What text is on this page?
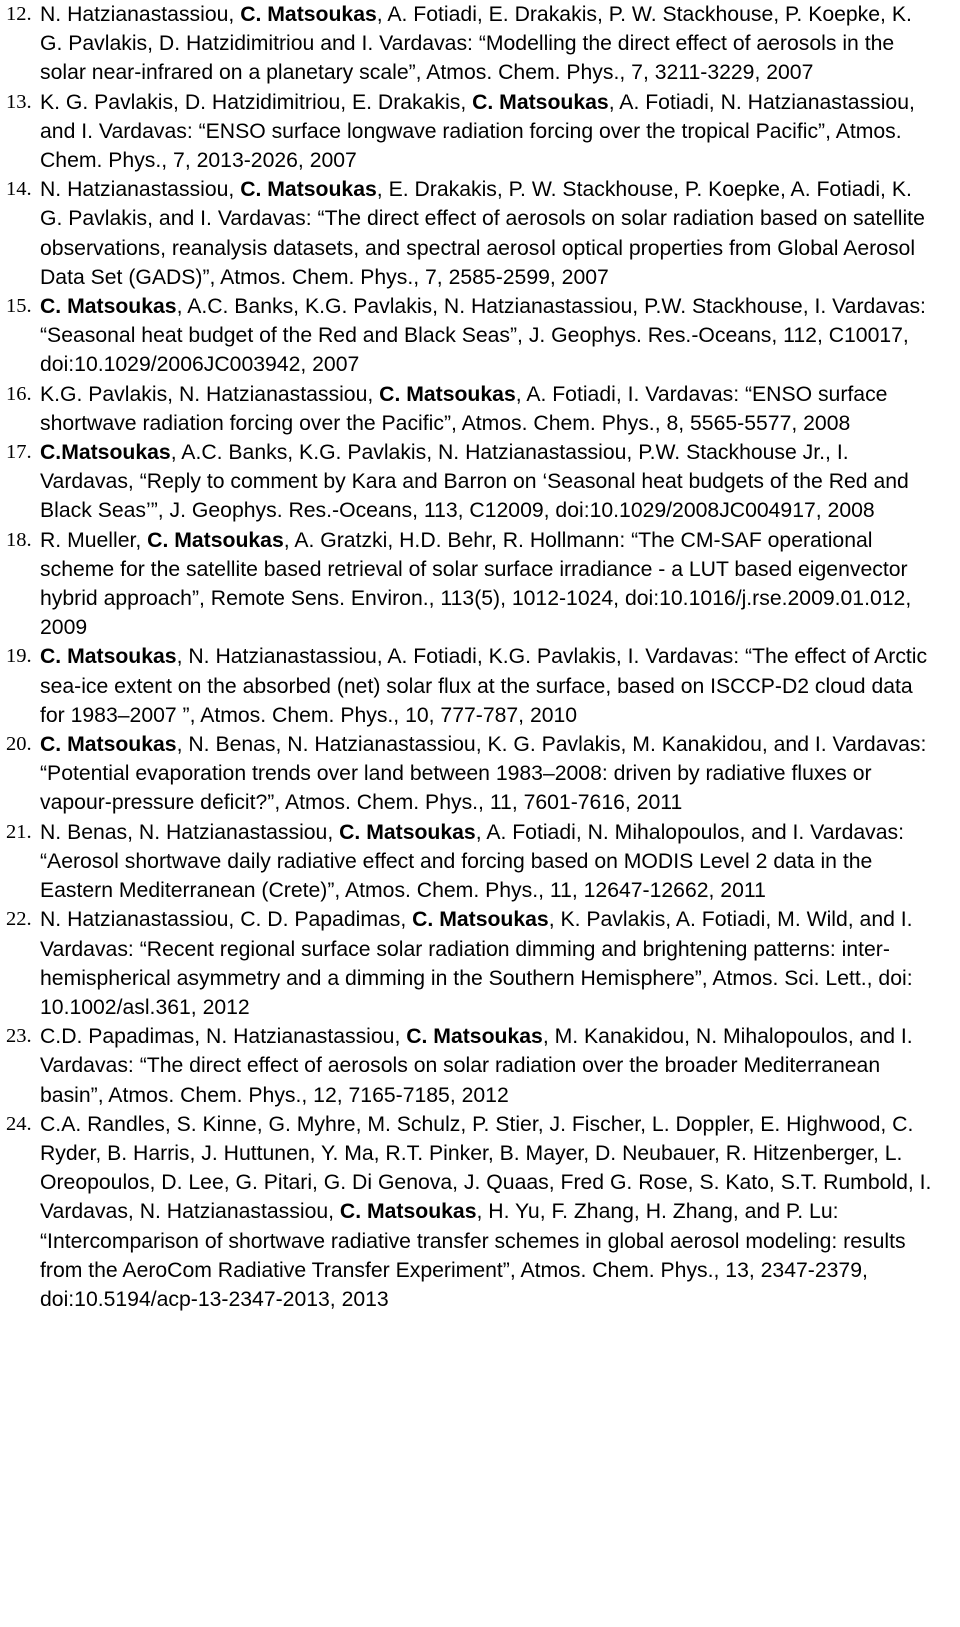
12. N. Hatzianastassiou, C. Matsoukas, A. Fotiadi, E. Drakakis, P. W. Stackhouse, P. Koepke, K. G. Pavlakis, D. Hatzidimitriou and I. Vardavas: “Modelling the direct effect of aerosols in the solar near-infrared on a planetary scale”, Atmos. Chem. Phys., 7, 3211-3229, 2007
13. K. G. Pavlakis, D. Hatzidimitriou, E. Drakakis, C. Matsoukas, A. Fotiadi, N. Hatzianastassiou, and I. Vardavas: “ENSO surface longwave radiation forcing over the tropical Pacific”, Atmos. Chem. Phys., 7, 2013-2026, 2007
14. N. Hatzianastassiou, C. Matsoukas, E. Drakakis, P. W. Stackhouse, P. Koepke, A. Fotiadi, K. G. Pavlakis, and I. Vardavas: “The direct effect of aerosols on solar radiation based on satellite observations, reanalysis datasets, and spectral aerosol optical properties from Global Aerosol Data Set (GADS)”, Atmos. Chem. Phys., 7, 2585-2599, 2007
15. C. Matsoukas, A.C. Banks, K.G. Pavlakis, N. Hatzianastassiou, P.W. Stackhouse, I. Vardavas: “Seasonal heat budget of the Red and Black Seas”, J. Geophys. Res.-Oceans, 112, C10017, doi:10.1029/2006JC003942, 2007
16. K.G. Pavlakis, N. Hatzianastassiou, C. Matsoukas, A. Fotiadi, I. Vardavas: “ENSO surface shortwave radiation forcing over the Pacific”, Atmos. Chem. Phys., 8, 5565-5577, 2008
17. C.Matsoukas, A.C. Banks, K.G. Pavlakis, N. Hatzianastassiou, P.W. Stackhouse Jr., I. Vardavas, “Reply to comment by Kara and Barron on ‘Seasonal heat budgets of the Red and Black Seas’”, J. Geophys. Res.-Oceans, 113, C12009, doi:10.1029/2008JC004917, 2008
18. R. Mueller, C. Matsoukas, A. Gratzki, H.D. Behr, R. Hollmann: “The CM-SAF operational scheme for the satellite based retrieval of solar surface irradiance - a LUT based eigenvector hybrid approach”, Remote Sens. Environ., 113(5), 1012-1024, doi:10.1016/j.rse.2009.01.012, 2009
19. C. Matsoukas, N. Hatzianastassiou, A. Fotiadi, K.G. Pavlakis, I. Vardavas: “The effect of Arctic sea-ice extent on the absorbed (net) solar flux at the surface, based on ISCCP-D2 cloud data for 1983–2007 ”, Atmos. Chem. Phys., 10, 777-787, 2010
20. C. Matsoukas, N. Benas, N. Hatzianastassiou, K. G. Pavlakis, M. Kanakidou, and I. Vardavas: “Potential evaporation trends over land between 1983–2008: driven by radiative fluxes or vapour-pressure deficit?”, Atmos. Chem. Phys., 11, 7601-7616, 2011
21. N. Benas, N. Hatzianastassiou, C. Matsoukas, A. Fotiadi, N. Mihalopoulos, and I. Vardavas: “Aerosol shortwave daily radiative effect and forcing based on MODIS Level 2 data in the Eastern Mediterranean (Crete)”, Atmos. Chem. Phys., 11, 12647-12662, 2011
22. N. Hatzianastassiou, C. D. Papadimas, C. Matsoukas, K. Pavlakis, A. Fotiadi, M. Wild, and I. Vardavas: “Recent regional surface solar radiation dimming and brightening patterns: inter-hemispherical asymmetry and a dimming in the Southern Hemisphere”, Atmos. Sci. Lett., doi: 10.1002/asl.361, 2012
23. C.D. Papadimas, N. Hatzianastassiou, C. Matsoukas, M. Kanakidou, N. Mihalopoulos, and I. Vardavas: “The direct effect of aerosols on solar radiation over the broader Mediterranean basin”, Atmos. Chem. Phys., 12, 7165-7185, 2012
24. C.A. Randles, S. Kinne, G. Myhre, M. Schulz, P. Stier, J. Fischer, L. Doppler, E. Highwood, C. Ryder, B. Harris, J. Huttunen, Y. Ma, R.T. Pinker, B. Mayer, D. Neubauer, R. Hitzenberger, L. Oreopoulos, D. Lee, G. Pitari, G. Di Genova, J. Quaas, Fred G. Rose, S. Kato, S.T. Rumbold, I. Vardavas, N. Hatzianastassiou, C. Matsoukas, H. Yu, F. Zhang, H. Zhang, and P. Lu: “Intercomparison of shortwave radiative transfer schemes in global aerosol modeling: results from the AeroCom Radiative Transfer Experiment”, Atmos. Chem. Phys., 13, 2347-2379, doi:10.5194/acp-13-2347-2013, 2013
